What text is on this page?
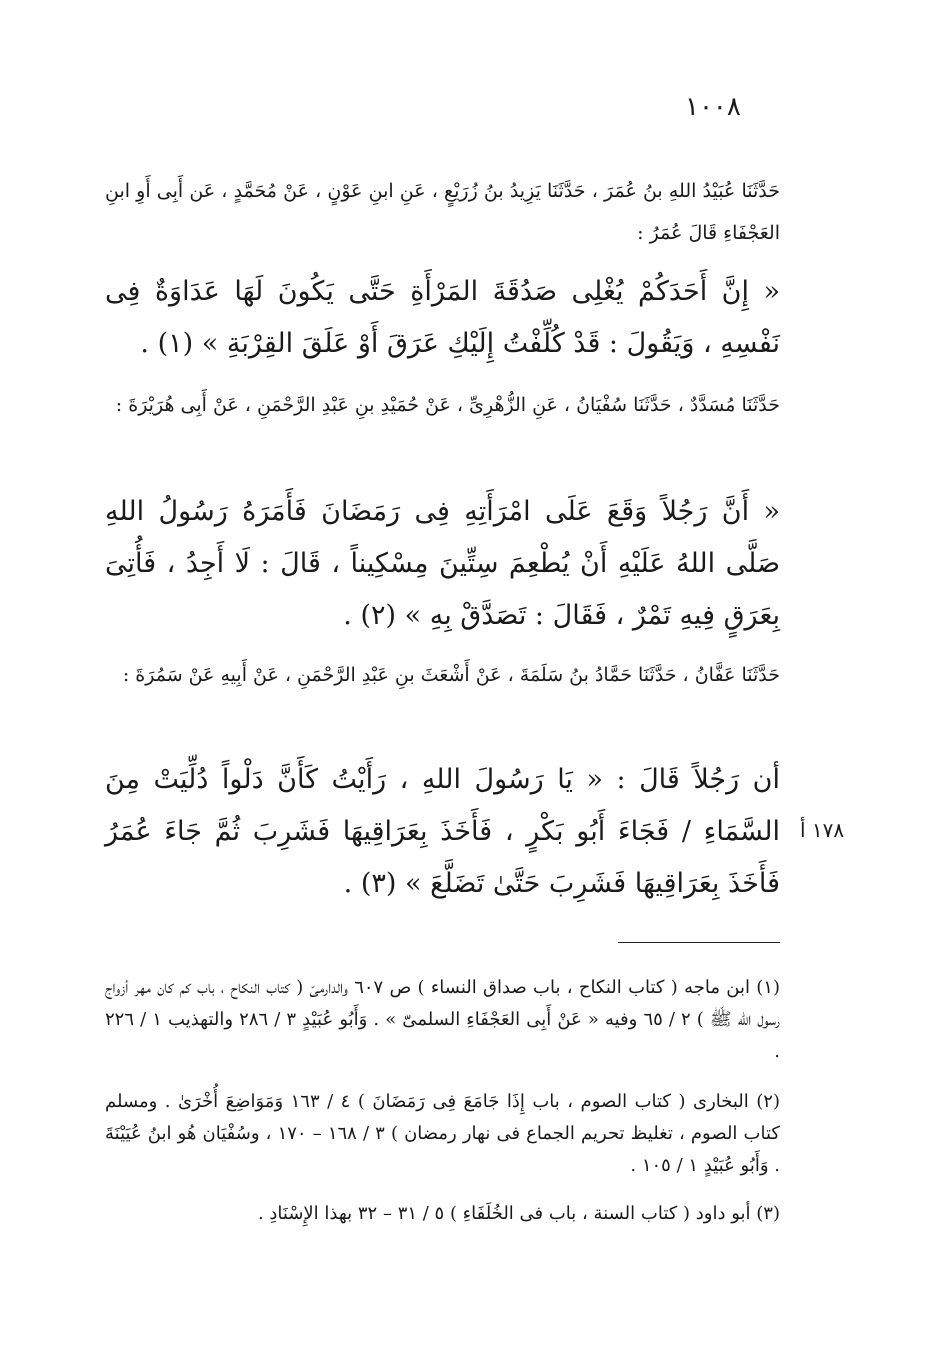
١٠٠٨
حَدَّثَنَا عُبَيْدُ اللهِ بنُ عُمَرَ ، حَدَّثَنَا يَزِيدُ بنُ زُرَيْعٍ ، عَنِ ابنِ عَوْنٍ ، عَنْ مُحَمَّدٍ ، عَن أَبِى أَوِ ابنِ العَجْفَاءِ قَالَ عُمَرُ :
« إِنَّ أَحَدَكُمْ يُغْلِى صَدُقَةَ المَرْأَةِ حَتَّى يَكُونَ لَهَا عَدَاوَةٌ فِى نَفْسِهِ ، وَيَقُولَ : قَدْ كُلِّفْتُ إِلَيْكِ عَرَقَ أَوْ عَلَقَ القِرْبَةِ » (١) .
حَدَّثَنَا مُسَدَّدٌ ، حَدَّثَنَا سُفْيَانُ ، عَنِ الزُّهْرِىِّ ، عَنْ حُمَيْدِ بنِ عَبْدِ الرَّحْمَنِ ، عَنْ أَبِى هُرَيْرَةَ :
« أَنَّ رَجُلاً وَقَعَ عَلَى امْرَأَتِهِ فِى رَمَضَانَ فَأَمَرَهُ رَسُولُ اللهِ صَلَّى اللهُ عَلَيْهِ أَنْ يُطْعِمَ سِتِّينَ مِسْكِيناً ، قَالَ : لَا أَجِدُ ، فَأُتِىَ بِعَرَقٍ فِيهِ تَمْرٌ ، فَقَالَ : تَصَدَّقْ بِهِ » (٢) .
حَدَّثَنَا عَفَّانُ ، حَدَّثَنَا حَمَّادُ بنُ سَلَمَةَ ، عَنْ أَشْعَثَ بنِ عَبْدِ الرَّحْمَنِ ، عَنْ أَبِيهِ عَنْ سَمُرَةَ :
أن رَجُلاً قَالَ : « يَا رَسُولَ اللهِ ، رَأَيْتُ كَأَنَّ دَلْواً دُلِّيَتْ مِنَ السَّمَاءِ / فَجَاءَ أَبُو بَكْرٍ ، فَأَخَذَ بِعَرَاقِيهَا فَشَرِبَ ثُمَّ جَاءَ عُمَرُ فَأَخَذَ بِعَرَاقِيهَا فَشَرِبَ حَتَّىٰ تَضَلَّعَ » (٣) .
١٧٨ أ
(١) ابن ماجه ( كتاب النكاح ، باب صداق النساء ) ص ٦٠٧ والدارمىّ ( كتاب النكاح ، باب كم كان مهر أزواج رسول الله ﷺ ) ٢ / ٦٥ وفيه « عَنْ أَبِى العَجْفَاءِ السلمىّ » . وَأَبُو عُبَيْدٍ ٣ / ٢٨٦ والتهذيب ١ / ٢٢٦ .
(٢) البخارى ( كتاب الصوم ، باب إِذَا جَامَعَ فِى رَمَضَانَ ) ٤ / ١٦٣ وَمَوَاضِعَ أُخْرَىٰ . ومسلم كتاب الصوم ، تغليظ تحريم الجماع فى نهار رمضان ) ٣ / ١٦٨ – ١٧٠ ، وسُفْيَان هُو ابنُ عُيَيْنَةَ . وَأَبُو عُبَيْدٍ ١ / ١٠٥ .
(٣) أبو داود ( كتاب السنة ، باب فى الخُلَفَاءِ ) ٥ / ٣١ – ٣٢ بهذا الإِسْنَادِ .
